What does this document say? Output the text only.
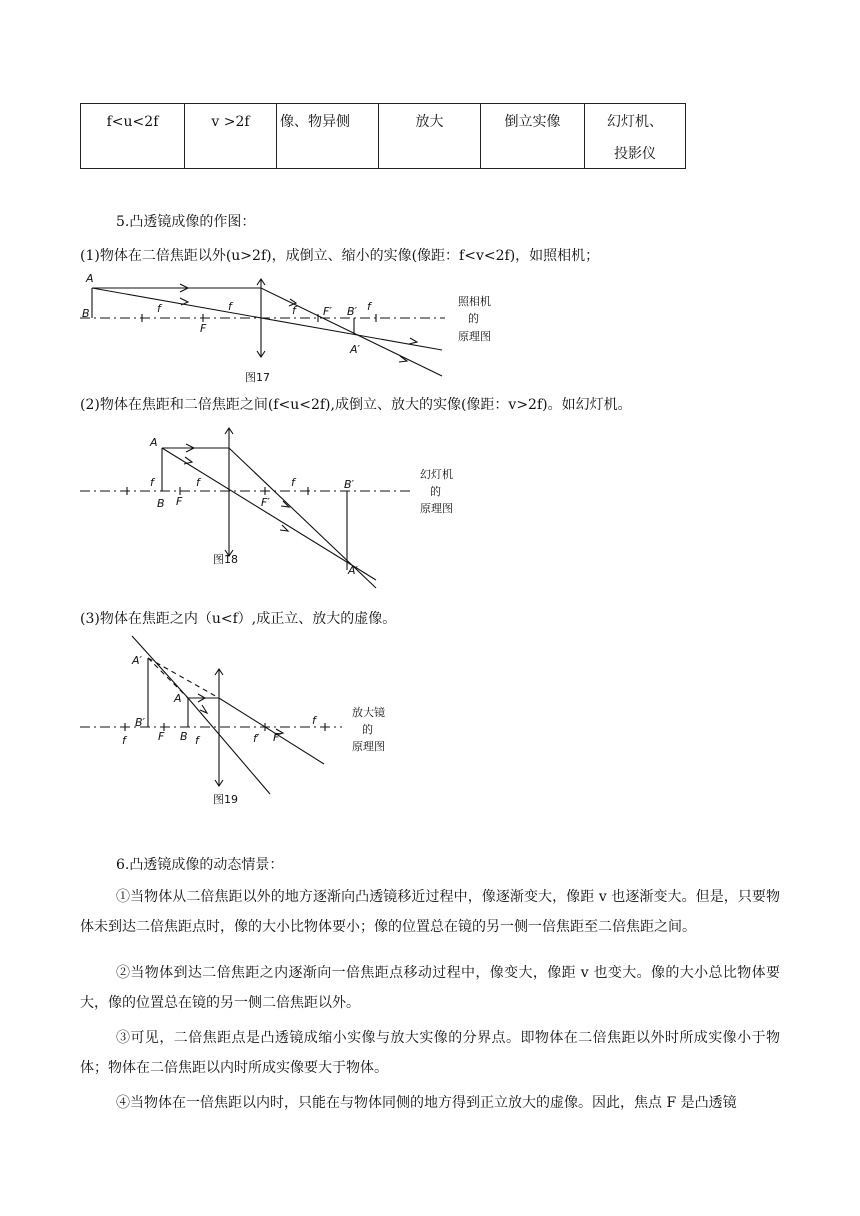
f<u<2f	v >2f	像、物异侧	放大	倒立实像	幻灯机、
投影仪
5.凸透镜成像的作图：
(1)物体在二倍焦距以外(u>2f)，成倒立、缩小的实像(像距：f<v<2f)，如照相机；
A
B	f
F
f	f F′ B′ f
A′
照相机
的
原理图
图17
(2)物体在焦距和二倍焦距之间(f<u<2f),成倒立、放大的实像(像距：v>2f)。如幻灯机。
A
f
B F
f
F′
f	B′
A′
幻灯机
的
原理图
图18
(3)物体在焦距之内（u<f）,成正立、放大的虚像。
A′
A
B′
f	F B f	f′ F′
f
放大镜
的
原理图
图19
6.凸透镜成像的动态情景：
①当物体从二倍焦距以外的地方逐渐向凸透镜移近过程中，像逐渐变大，像距 v 也逐渐变大。但是，只要物体未到达二倍焦距点时，像的大小比物体要小；像的位置总在镜的另一侧一倍焦距至二倍焦距之间。
②当物体到达二倍焦距之内逐渐向一倍焦距点移动过程中，像变大，像距 v 也变大。像的大小总比物体要大，像的位置总在镜的另一侧二倍焦距以外。
③可见，二倍焦距点是凸透镜成缩小实像与放大实像的分界点。即物体在二倍焦距以外时所成实像小于物体；物体在二倍焦距以内时所成实像要大于物体。
④当物体在一倍焦距以内时，只能在与物体同侧的地方得到正立放大的虚像。因此，焦点 F 是凸透镜
